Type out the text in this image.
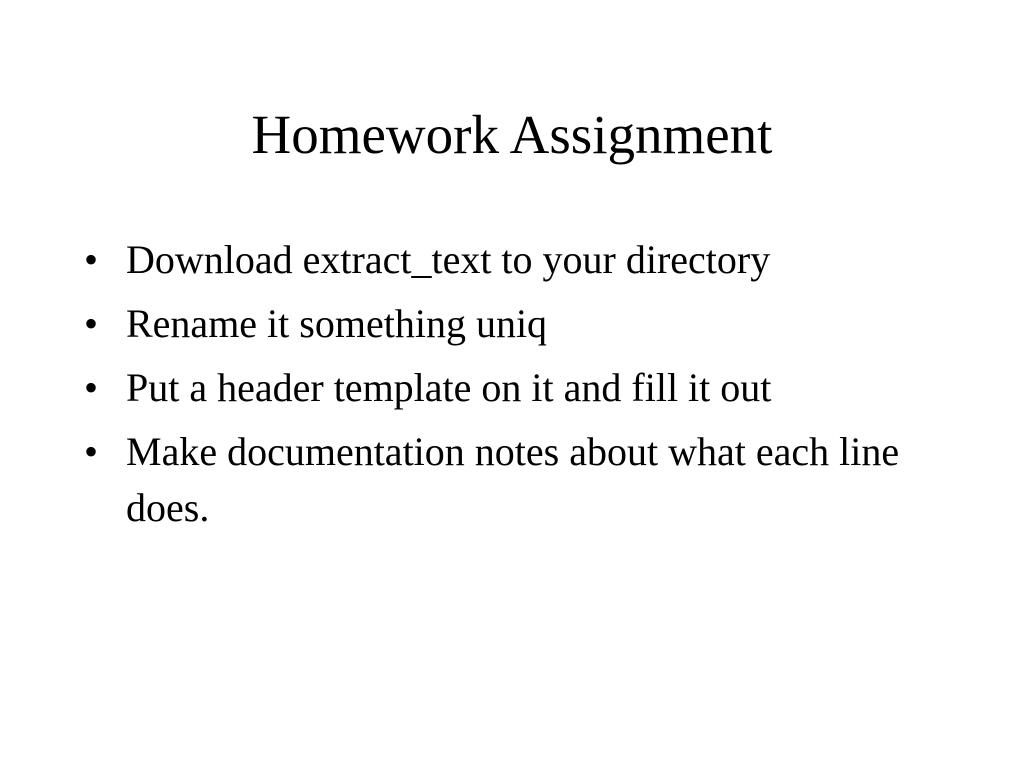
Homework Assignment
• Download extract_text to your directory
• Rename it something uniq
• Put a header template on it and fill it out
• Make documentation notes about what each line does.
